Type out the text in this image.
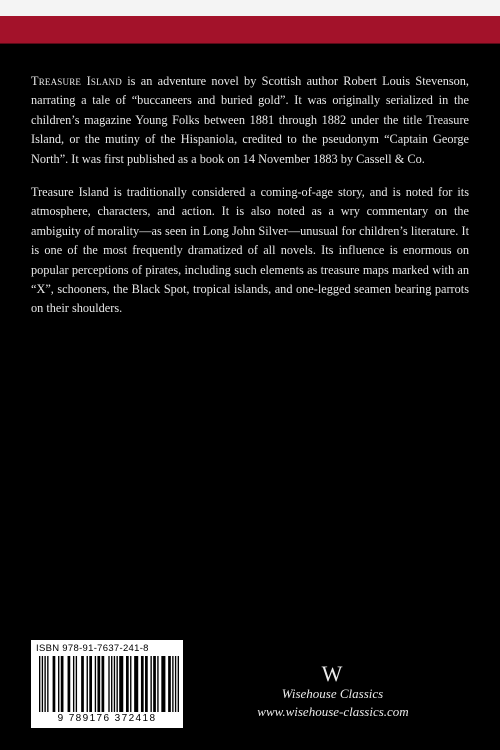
Treasure Island is an adventure novel by Scottish author Robert Louis Stevenson, narrating a tale of “buccaneers and buried gold”. It was originally serialized in the children’s magazine Young Folks between 1881 through 1882 under the title Treasure Island, or the mutiny of the Hispaniola, credited to the pseudonym “Captain George North”. It was first published as a book on 14 November 1883 by Cassell & Co.

Treasure Island is traditionally considered a coming-of-age story, and is noted for its atmosphere, characters, and action. It is also noted as a wry commentary on the ambiguity of morality—as seen in Long John Silver—unusual for children’s literature. It is one of the most frequently dramatized of all novels. Its influence is enormous on popular perceptions of pirates, including such elements as treasure maps marked with an “X”, schooners, the Black Spot, tropical islands, and one-legged seamen bearing parrots on their shoulders.

ISBN 978-91-7637-241-8
9 789176 372418
W
Wisehouse Classics
www.wisehouse-classics.com
